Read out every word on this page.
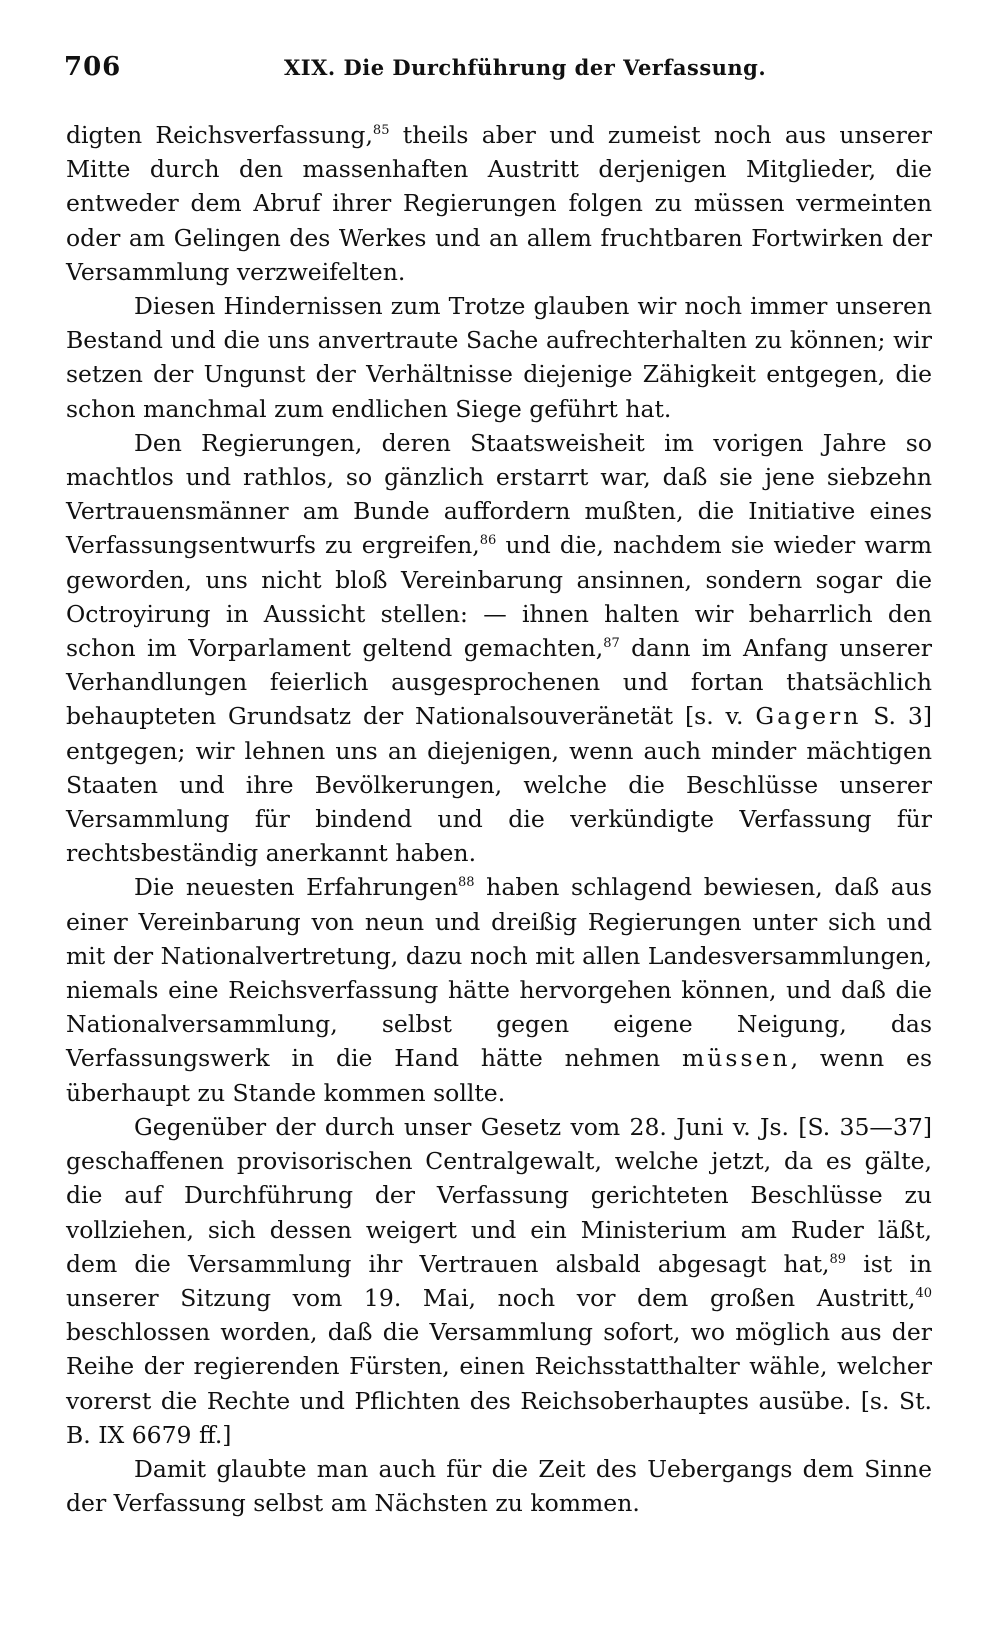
706	XIX. Die Durchführung der Verfassung.

digten Reichsverfassung,$^{85}$ theils aber und zumeist noch aus unserer Mitte durch den massenhaften Austritt derjenigen Mitglieder, die entweder dem Abruf ihrer Regierungen folgen zu müssen vermeinten oder am Gelingen des Werkes und an allem fruchtbaren Fortwirken der Versammlung verzweifelten.

Diesen Hindernissen zum Trotze glauben wir noch immer unseren Bestand und die uns anvertraute Sache aufrechterhalten zu können; wir setzen der Ungunst der Verhältnisse diejenige Zähigkeit entgegen, die schon manchmal zum endlichen Siege geführt hat.

Den Regierungen, deren Staatsweisheit im vorigen Jahre so machtlos und rathlos, so gänzlich erstarrt war, daß sie jene siebzehn Vertrauensmänner am Bunde auffordern mußten, die Initiative eines Verfassungsentwurfs zu ergreifen,$^{86}$ und die, nachdem sie wieder warm geworden, uns nicht bloß Vereinbarung ansinnen, sondern sogar die Octroyirung in Aussicht stellen: — ihnen halten wir beharrlich den schon im Vorparlament geltend gemachten,$^{87}$ dann im Anfang unserer Verhandlungen feierlich ausgesprochenen und fortan thatsächlich behaupteten Grundsatz der Nationalsouveränetät [s. v. Gagern S. 3] entgegen; wir lehnen uns an diejenigen, wenn auch minder mächtigen Staaten und ihre Bevölkerungen, welche die Beschlüsse unserer Versammlung für bindend und die verkündigte Verfassung für rechtsbeständig anerkannt haben.

Die neuesten Erfahrungen$^{88}$ haben schlagend bewiesen, daß aus einer Vereinbarung von neun und dreißig Regierungen unter sich und mit der Nationalvertretung, dazu noch mit allen Landesversammlungen, niemals eine Reichsverfassung hätte hervorgehen können, und daß die Nationalversammlung, selbst gegen eigene Neigung, das Verfassungswerk in die Hand hätte nehmen müssen, wenn es überhaupt zu Stande kommen sollte.

Gegenüber der durch unser Gesetz vom 28. Juni v. Js. [S. 35—37] geschaffenen provisorischen Centralgewalt, welche jetzt, da es gälte, die auf Durchführung der Verfassung gerichteten Beschlüsse zu vollziehen, sich dessen weigert und ein Ministerium am Ruder läßt, dem die Versammlung ihr Vertrauen alsbald abgesagt hat,$^{89}$ ist in unserer Sitzung vom 19. Mai, noch vor dem großen Austritt,$^{40}$ beschlossen worden, daß die Versammlung sofort, wo möglich aus der Reihe der regierenden Fürsten, einen Reichsstatthalter wähle, welcher vorerst die Rechte und Pflichten des Reichsoberhauptes ausübe. [s. St. B. IX 6679 ff.]

Damit glaubte man auch für die Zeit des Uebergangs dem Sinne der Verfassung selbst am Nächsten zu kommen.
